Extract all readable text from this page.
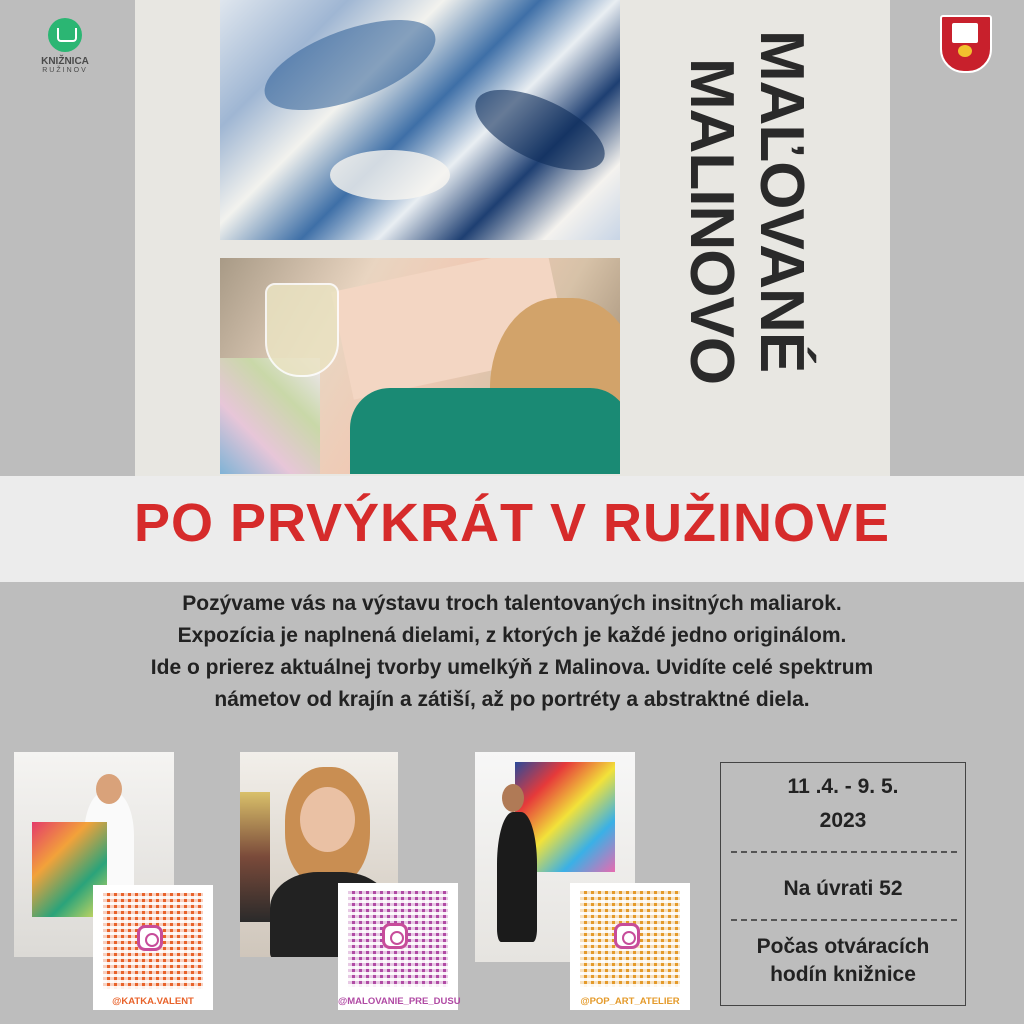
KNIŽNICA
RUŽINOV	MAĽOVANÉ
MALINOVO
PO PRVÝKRÁT V RUŽINOVE
Pozývame vás na výstavu troch talentovaných insitných maliarok.
Expozícia je naplnená dielami, z ktorých je každé jedno originálom.
Ide o prierez aktuálnej tvorby umelkýň z Malinova. Uvidíte celé spektrum
námetov od krajín a zátiší, až po portréty a abstraktné diela.
@KATKA.VALENT	@MALOVANIE_PRE_DUSU	@POP_ART_ATELIER
11 .4. - 9. 5.
2023
Na úvrati 52
Počas otváracích
hodín knižnice
